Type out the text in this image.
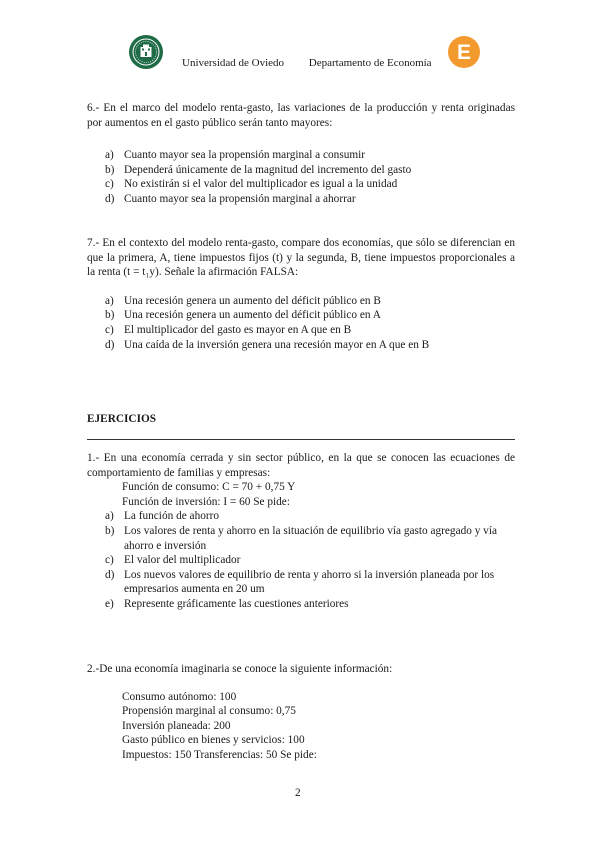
Universidad de Oviedo Departamento de Economía E
6.- En el marco del modelo renta-gasto, las variaciones de la producción y renta originadas por aumentos en el gasto público serán tanto mayores:
a) Cuanto mayor sea la propensión marginal a consumir
b) Dependerá únicamente de la magnitud del incremento del gasto
c) No existirán si el valor del multiplicador es igual a la unidad
d) Cuanto mayor sea la propensión marginal a ahorrar
7.- En el contexto del modelo renta-gasto, compare dos economías, que sólo se diferencian en que la primera, A, tiene impuestos fijos (t) y la segunda, B, tiene impuestos proporcionales a la renta (t = t₁y). Señale la afirmación FALSA:
a) Una recesión genera un aumento del déficit público en B
b) Una recesión genera un aumento del déficit público en A
c) El multiplicador del gasto es mayor en A que en B
d) Una caída de la inversión genera una recesión mayor en A que en B
EJERCICIOS
1.- En una economía cerrada y sin sector público, en la que se conocen las ecuaciones de comportamiento de familias y empresas:
Función de consumo: C = 70 + 0,75 Y
Función de inversión: I = 60 Se pide:
a) La función de ahorro
b) Los valores de renta y ahorro en la situación de equilibrio vía gasto agregado y vía ahorro e inversión
c) El valor del multiplicador
d) Los nuevos valores de equilibrio de renta y ahorro si la inversión planeada por los empresarios aumenta en 20 um
e) Represente gráficamente las cuestiones anteriores
2.-De una economía imaginaria se conoce la siguiente información:
Consumo autónomo: 100
Propensión marginal al consumo: 0,75
Inversión planeada: 200
Gasto público en bienes y servicios: 100
Impuestos: 150 Transferencias: 50 Se pide:
2
